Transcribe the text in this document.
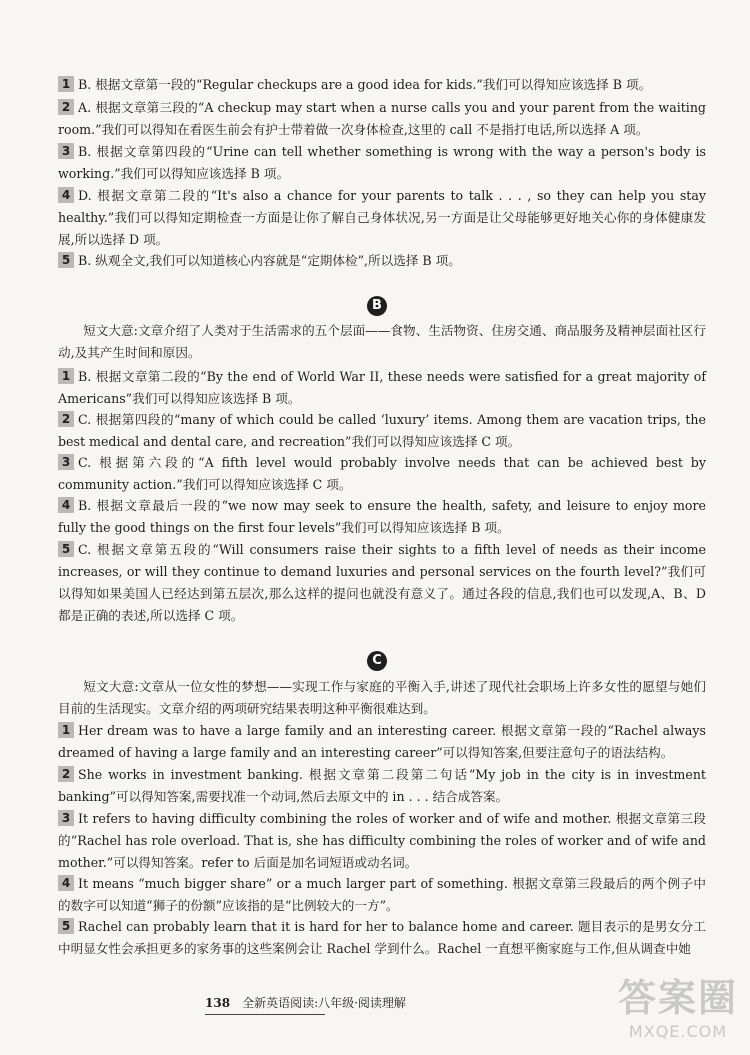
1 B. 根据文章第一段的“Regular checkups are a good idea for kids.”我们可以得知应该选择 B 项。
2 A. 根据文章第三段的“A checkup may start when a nurse calls you and your parent from the waiting room.”我们可以得知在看医生前会有护士带着做一次身体检查,这里的 call 不是指打电话,所以选择 A 项。
3 B. 根据文章第四段的“Urine can tell whether something is wrong with the way a person's body is working.”我们可以得知应该选择 B 项。
4 D. 根据文章第二段的“It's also a chance for your parents to talk . . . , so they can help you stay healthy.”我们可以得知定期检查一方面是让你了解自己身体状况,另一方面是让父母能够更好地关心你的身体健康发展,所以选择 D 项。
5 B. 纵观全文,我们可以知道核心内容就是“定期体检”,所以选择 B 项。
B
短文大意:文章介绍了人类对于生活需求的五个层面——食物、生活物资、住房交通、商品服务及精神层面社区行动,及其产生时间和原因。
1 B. 根据文章第二段的“By the end of World War II, these needs were satisfied for a great majority of Americans”我们可以得知应该选择 B 项。
2 C. 根据第四段的“many of which could be called ‘luxury’ items. Among them are vacation trips, the best medical and dental care, and recreation”我们可以得知应该选择 C 项。
3 C. 根据第六段的“A fifth level would probably involve needs that can be achieved best by community action.”我们可以得知应该选择 C 项。
4 B. 根据文章最后一段的“we now may seek to ensure the health, safety, and leisure to enjoy more fully the good things on the first four levels”我们可以得知应该选择 B 项。
5 C. 根据文章第五段的“Will consumers raise their sights to a fifth level of needs as their income increases, or will they continue to demand luxuries and personal services on the fourth level?”我们可以得知如果美国人已经达到第五层次,那么这样的提问也就没有意义了。通过各段的信息,我们也可以发现,A、B、D 都是正确的表述,所以选择 C 项。
C
短文大意:文章从一位女性的梦想——实现工作与家庭的平衡入手,讲述了现代社会职场上许多女性的愿望与她们目前的生活现实。文章介绍的两项研究结果表明这种平衡很难达到。
1 Her dream was to have a large family and an interesting career. 根据文章第一段的“Rachel always dreamed of having a large family and an interesting career”可以得知答案,但要注意句子的语法结构。
2 She works in investment banking. 根据文章第二段第二句话“My job in the city is in investment banking”可以得知答案,需要找准一个动词,然后去原文中的 in . . . 结合成答案。
3 It refers to having difficulty combining the roles of worker and of wife and mother. 根据文章第三段的“Rachel has role overload. That is, she has difficulty combining the roles of worker and of wife and mother.”可以得知答案。refer to 后面是加名词短语或动名词。
4 It means “much bigger share” or a much larger part of something. 根据文章第三段最后的两个例子中的数字可以知道“狮子的份额”应该指的是“比例较大的一方”。
5 Rachel can probably learn that it is hard for her to balance home and career. 题目表示的是男女分工中明显女性会承担更多的家务事的这些案例会让 Rachel 学到什么。Rachel 一直想平衡家庭与工作,但从调查中她
138 全新英语阅读:八年级·阅读理解	答案圈
MXQE.COM
